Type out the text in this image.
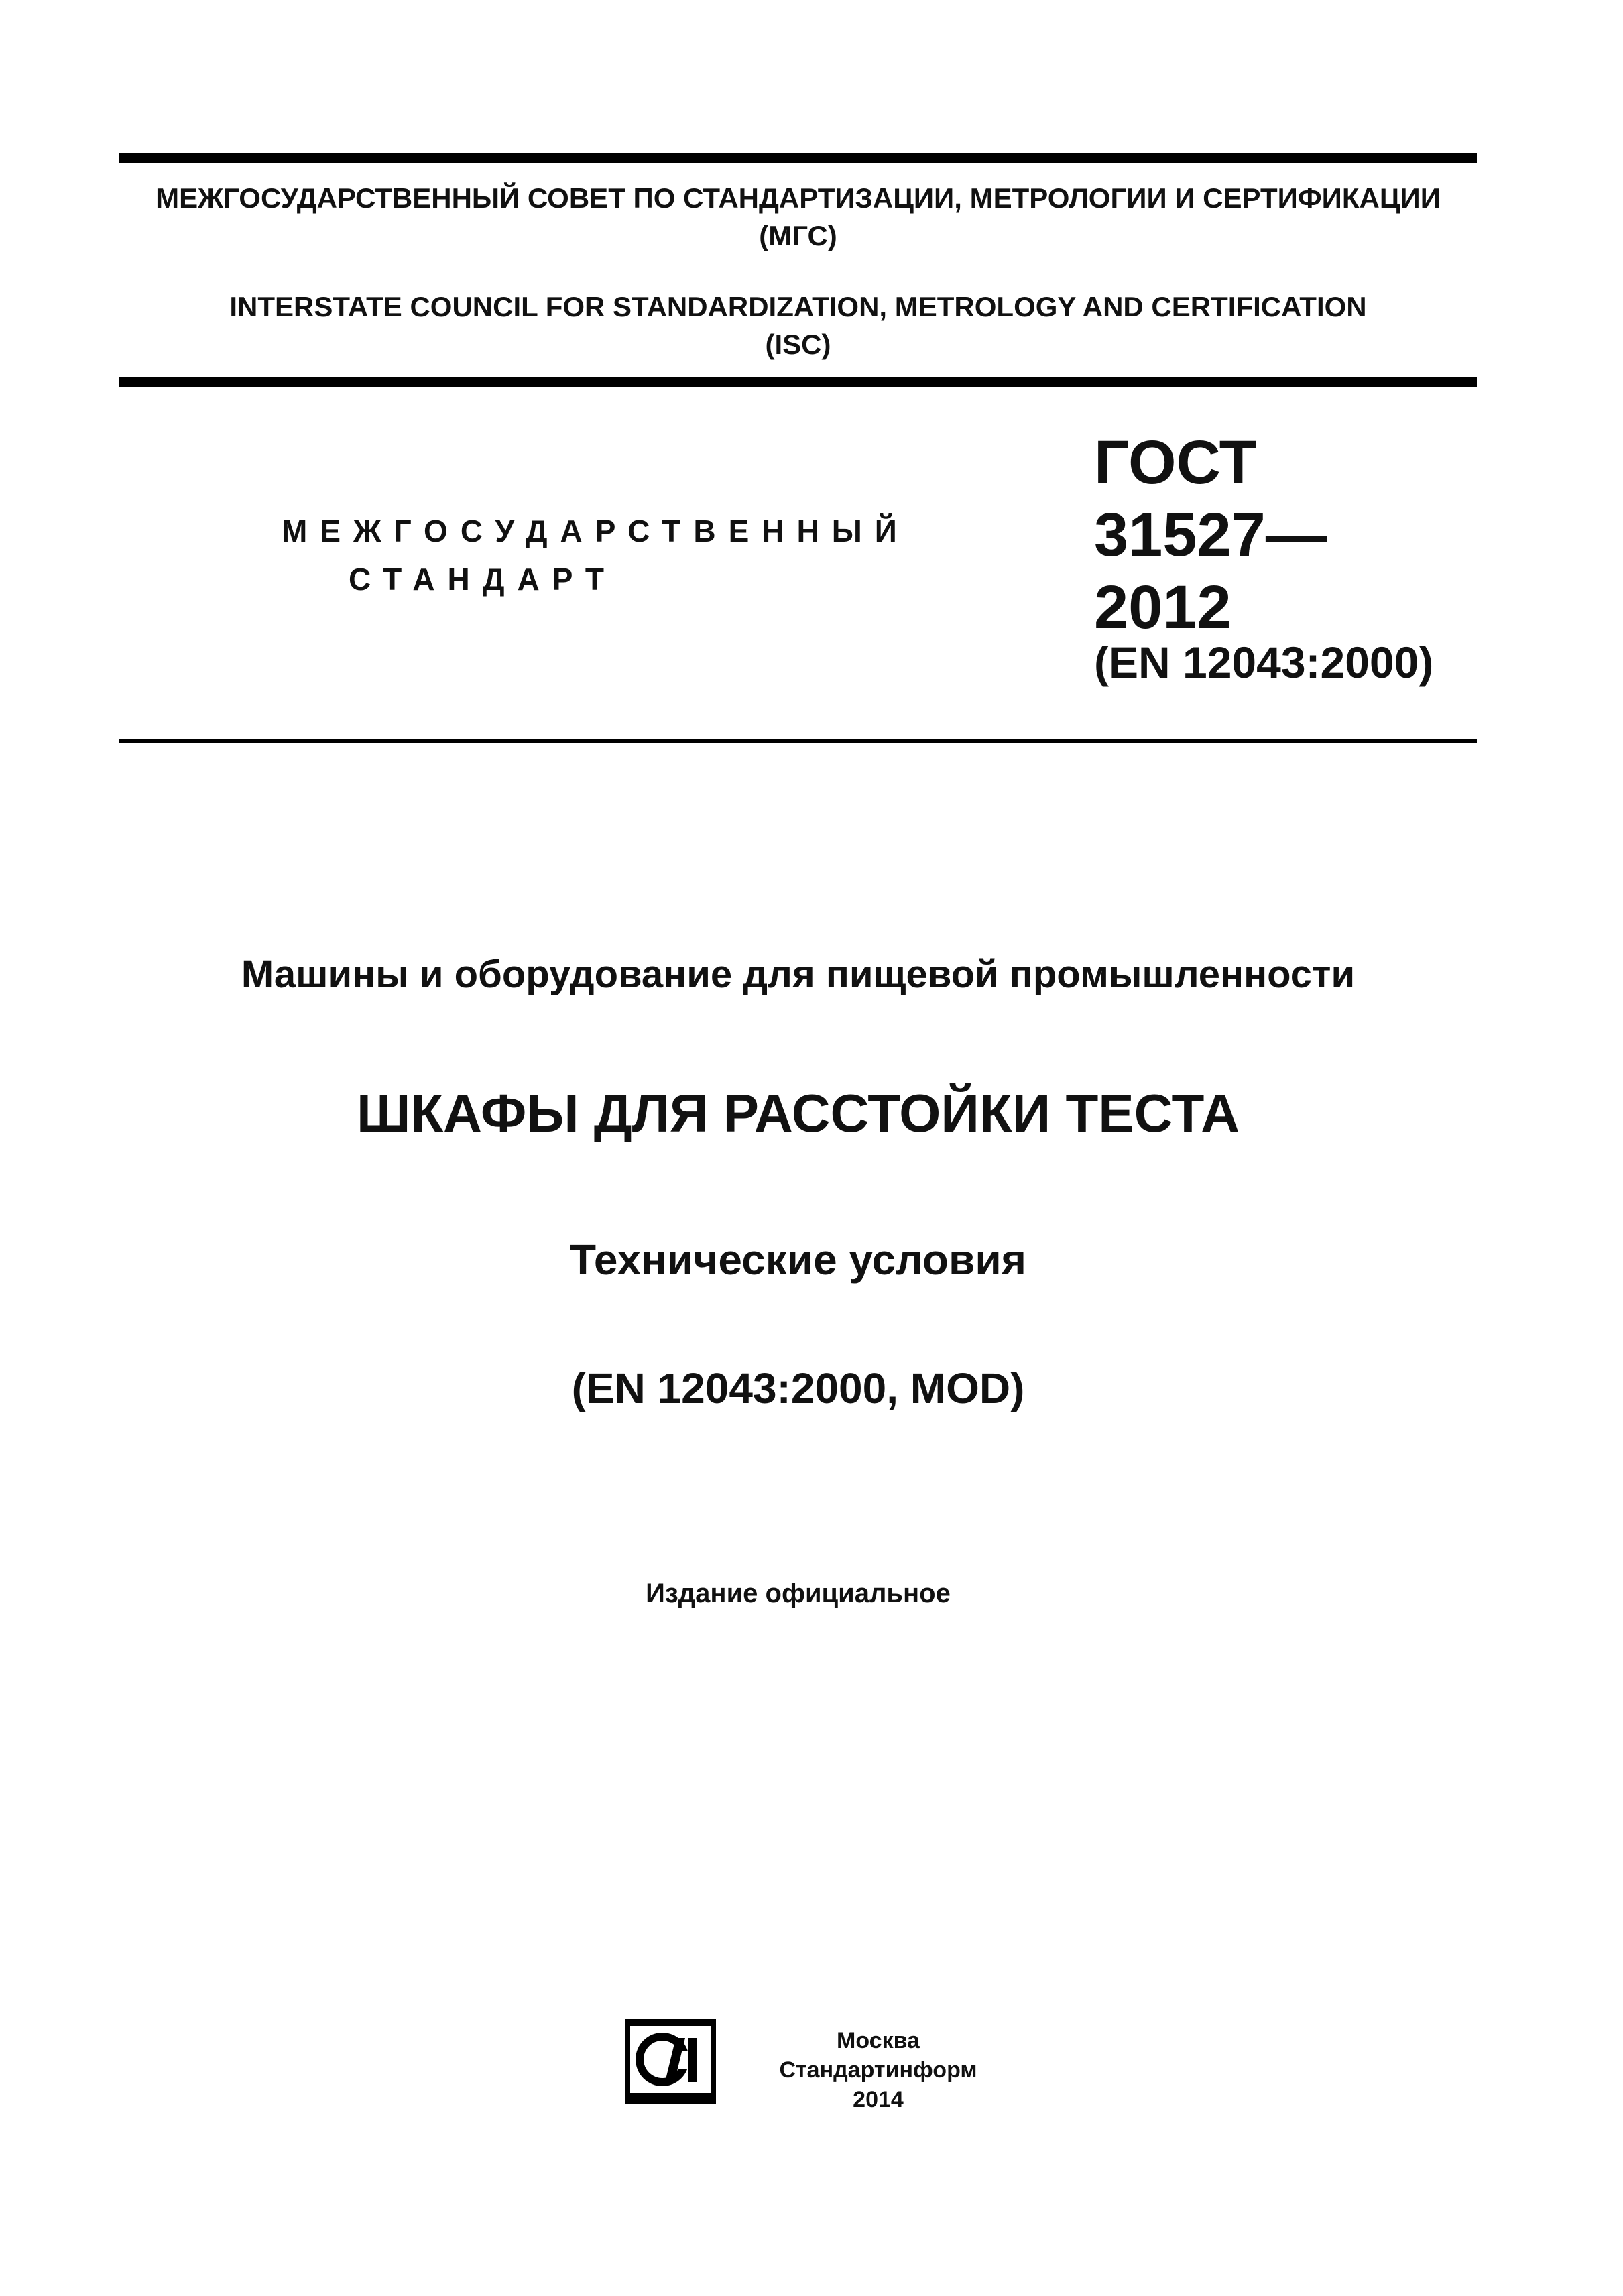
МЕЖГОСУДАРСТВЕННЫЙ СОВЕТ ПО СТАНДАРТИЗАЦИИ, МЕТРОЛОГИИ И СЕРТИФИКАЦИИ
(МГС)
INTERSTATE COUNCIL FOR STANDARDIZATION, METROLOGY AND CERTIFICATION
(ISC)
МЕЖГОСУДАРСТВЕННЫЙ
СТАНДАРТ
ГОСТ
31527—
2012
(EN 12043:2000)
Машины и оборудование для пищевой промышленности
ШКАФЫ ДЛЯ РАССТОЙКИ ТЕСТА
Технические условия
(EN 12043:2000, MOD)
Издание официальное
Москва
Стандартинформ
2014
